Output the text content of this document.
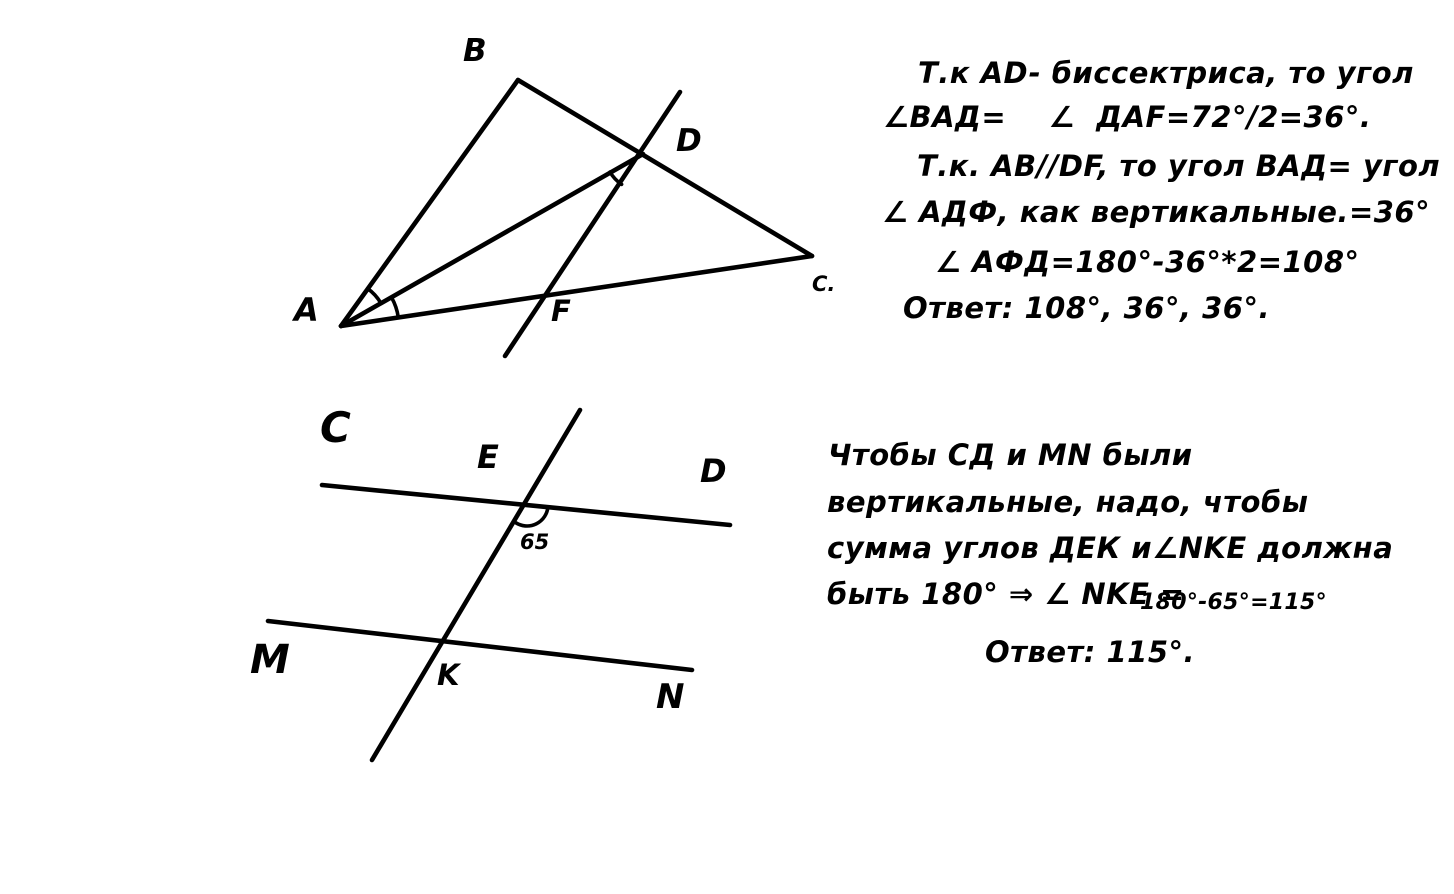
B
D
A
C.
F
C
E	D
65
M	K
N
Т.к AD- биссектриса, то угол
∠ВАД=    ∠  ДАF=72°/2=36°.
Т.к. АВ//DF, то угол ВАД= угол
∠ АДФ, как вертикальные.=36°
∠ АФД=180°-36°*2=108°
Ответ: 108°, 36°, 36°.
Чтобы СД и MN были
вертикальные, надо, чтобы
сумма углов ДЕК и∠NKE должна
быть 180° ⇒ ∠ NKE =
180°-65°=115°
Ответ: 115°.
